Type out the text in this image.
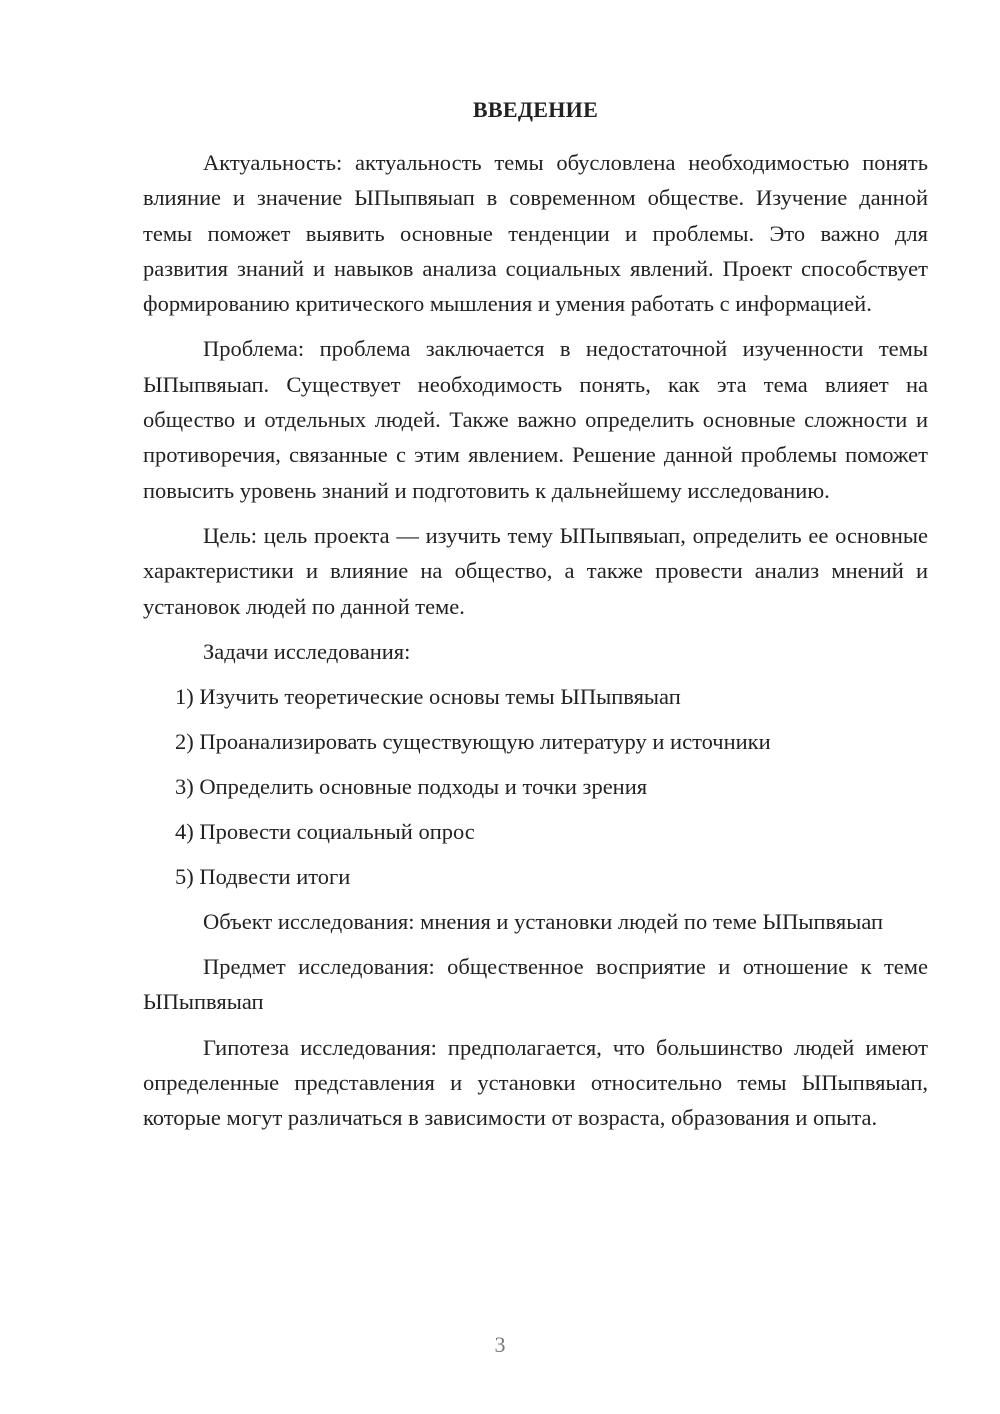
ВВЕДЕНИЕ

Актуальность: актуальность темы обусловлена необходимостью понять влияние и значение ЫПыпвяыап в современном обществе. Изучение данной темы поможет выявить основные тенденции и проблемы. Это важно для развития знаний и навыков анализа социальных явлений. Проект способствует формированию критического мышления и умения работать с информацией.

Проблема: проблема заключается в недостаточной изученности темы ЫПыпвяыап. Существует необходимость понять, как эта тема влияет на общество и отдельных людей. Также важно определить основные сложности и противоречия, связанные с этим явлением. Решение данной проблемы поможет повысить уровень знаний и подготовить к дальнейшему исследованию.

Цель: цель проекта — изучить тему ЫПыпвяыап, определить ее основные характеристики и влияние на общество, а также провести анализ мнений и установок людей по данной теме.

Задачи исследования:
1) Изучить теоретические основы темы ЫПыпвяыап
2) Проанализировать существующую литературу и источники
3) Определить основные подходы и точки зрения
4) Провести социальный опрос
5) Подвести итоги

Объект исследования: мнения и установки людей по теме ЫПыпвяыап

Предмет исследования: общественное восприятие и отношение к теме ЫПыпвяыап

Гипотеза исследования: предполагается, что большинство людей имеют определенные представления и установки относительно темы ЫПыпвяыап, которые могут различаться в зависимости от возраста, образования и опыта.

3
